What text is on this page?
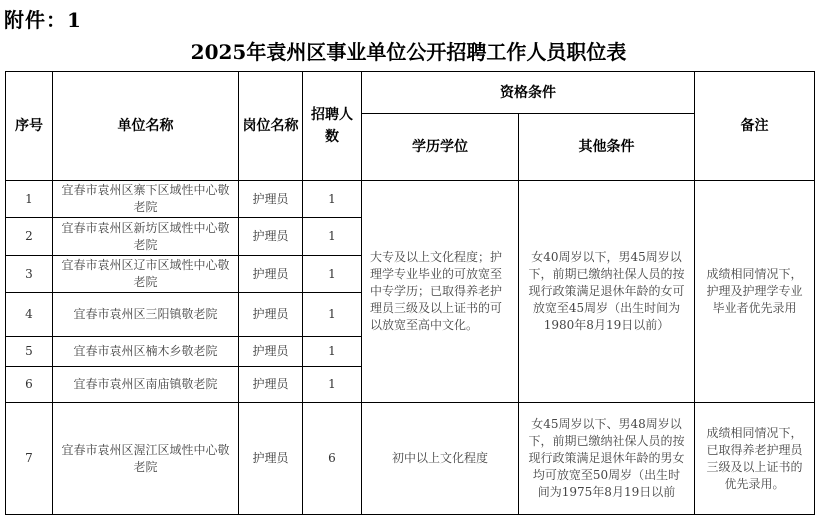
附件：1
2025年袁州区事业单位公开招聘工作人员职位表
序号	单位名称	岗位名称	招聘人数	资格条件		备注
				学历学位	其他条件	
1	宜春市袁州区寨下区域性中心敬老院	护理员	1	大专及以上文化程度；护理学专业毕业的可放宽至中专学历；已取得养老护理员三级及以上证书的可以放宽至高中文化。	女40周岁以下，男45周岁以下，前期已缴纳社保人员的按现行政策满足退休年龄的女可放宽至45周岁（出生时间为1980年8月19日以前）	成绩相同情况下，护理及护理学专业毕业者优先录用
2	宜春市袁州区新坊区域性中心敬老院	护理员	1			
3	宜春市袁州区辽市区域性中心敬老院	护理员	1			
4	宜春市袁州区三阳镇敬老院	护理员	1			
5	宜春市袁州区楠木乡敬老院	护理员	1			
6	宜春市袁州区南庙镇敬老院	护理员	1			
7	宜春市袁州区渥江区域性中心敬老院	护理员	6	初中以上文化程度	女45周岁以下、男48周岁以下，前期已缴纳社保人员的按现行政策满足退休年龄的男女均可放宽至50周岁（出生时间为1975年8月19日以前	成绩相同情况下，已取得养老护理员三级及以上证书的优先录用。
